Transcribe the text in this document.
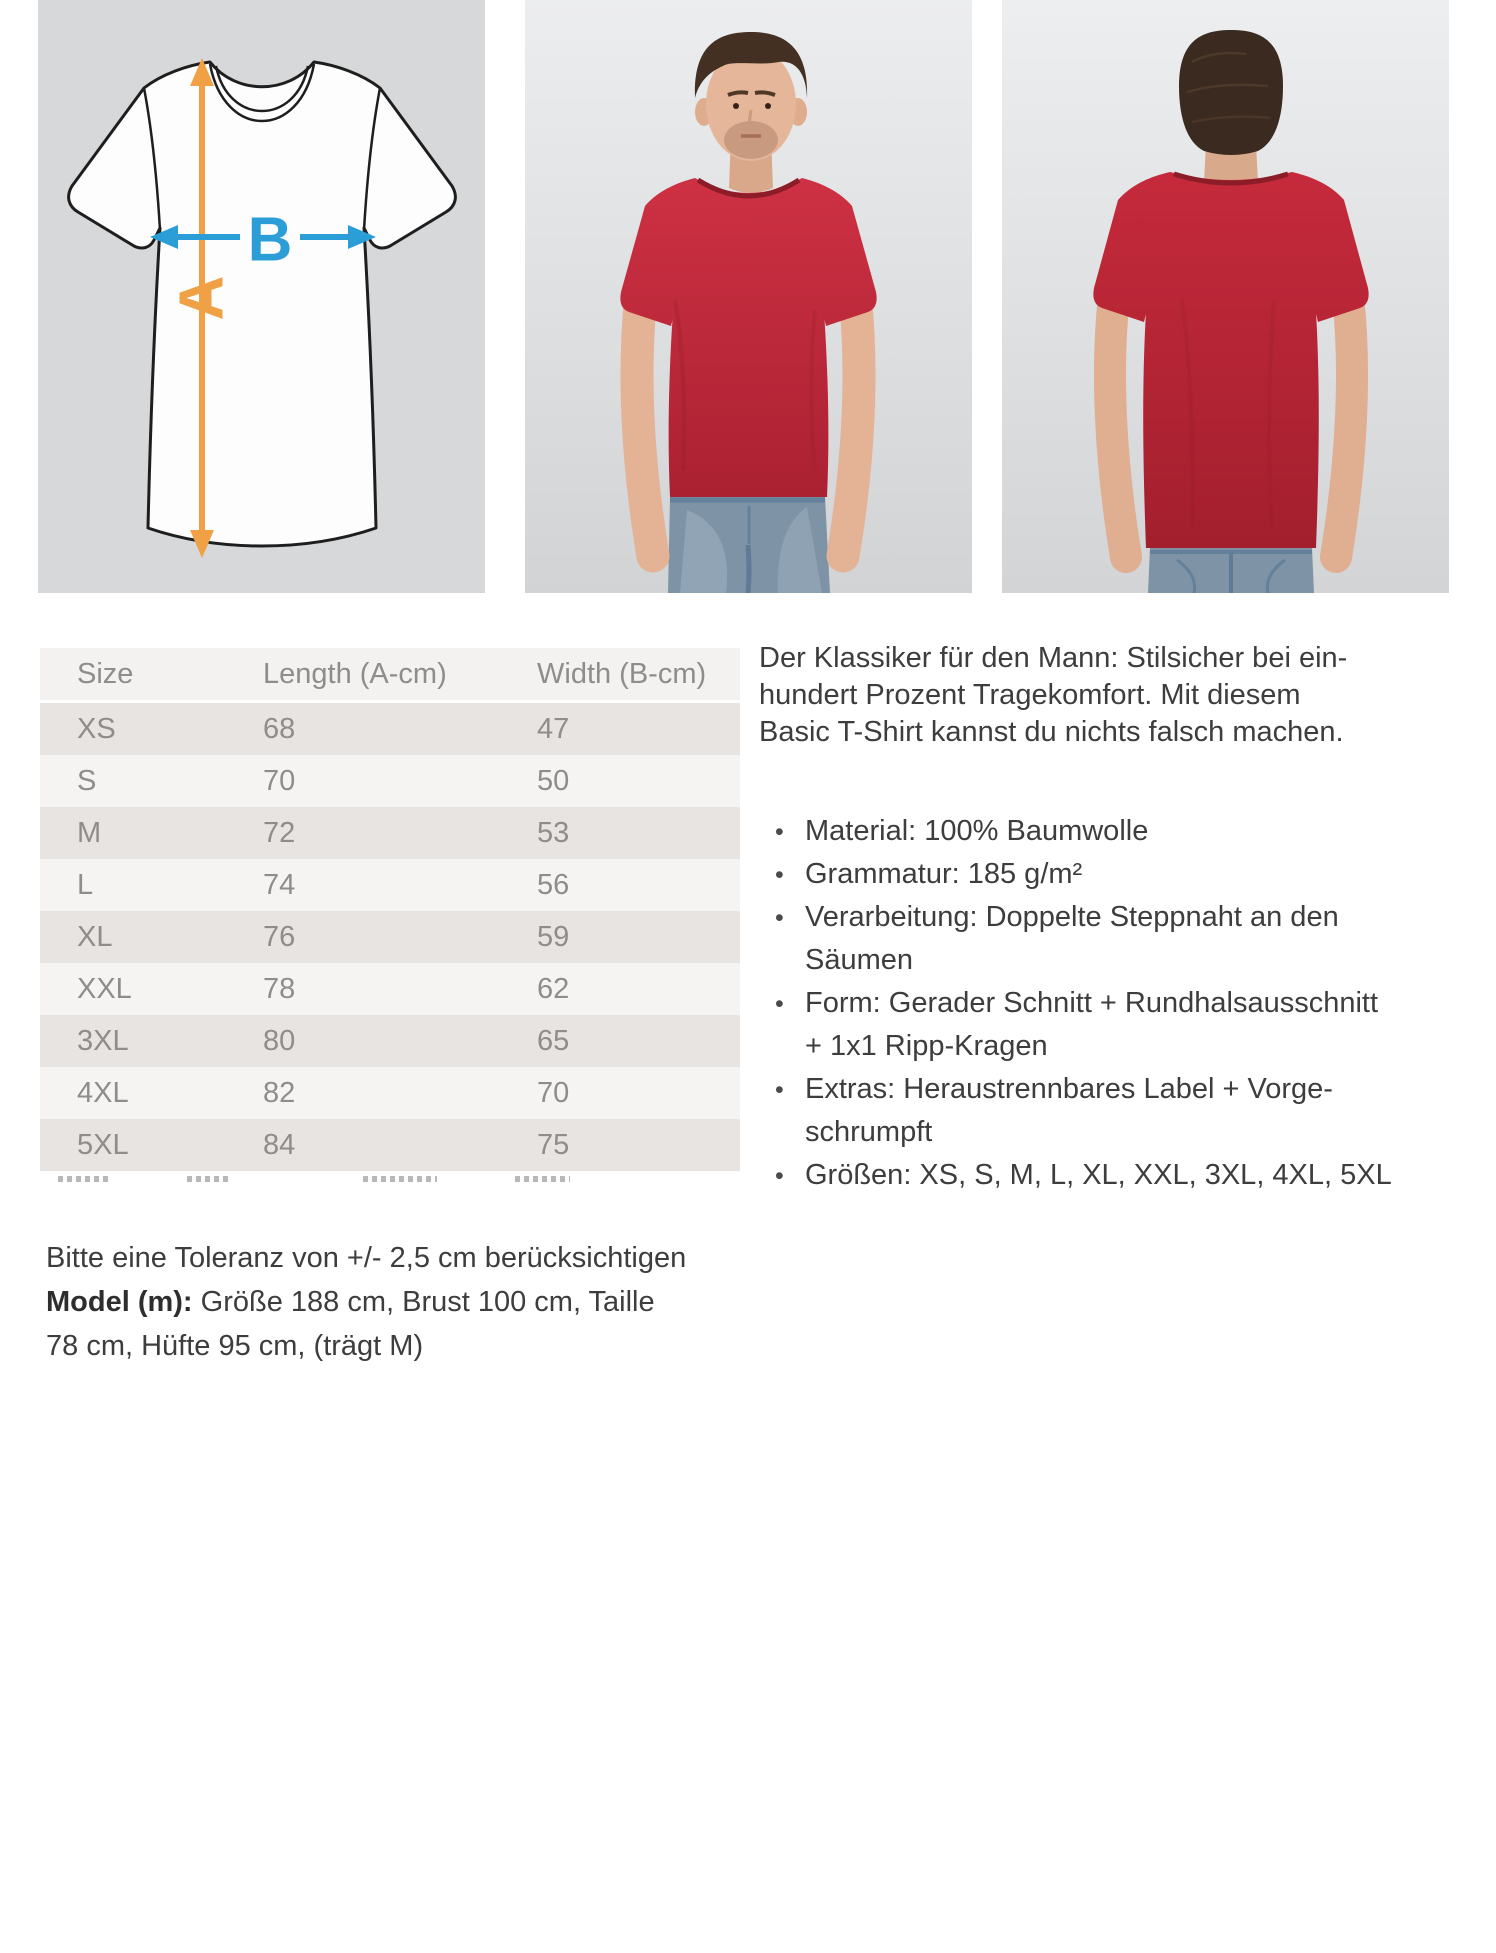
A
B
Size	Length (A-cm)	Width (B-cm)
XS	68	47
S	70	50
M	72	53
L	74	56
XL	76	59
XXL	78	62
3XL	80	65
4XL	82	70
5XL	84	75

Bitte eine Toleranz von +/- 2,5 cm berücksichtigen

Model (m): Größe 188 cm, Brust 100 cm, Taille
78 cm, Hüfte 95 cm, (trägt M)

Der Klassiker für den Mann: Stilsicher bei ein-
hundert Prozent Tragekomfort. Mit diesem
Basic T-Shirt kannst du nichts falsch machen.

• Material: 100% Baumwolle
• Grammatur: 185 g/m²
• Verarbeitung: Doppelte Steppnaht an den
Säumen
• Form: Gerader Schnitt + Rundhalsausschnitt
+ 1x1 Ripp-Kragen
• Extras: Heraustrennbares Label + Vorge-
schrumpft
• Größen: XS, S, M, L, XL, XXL, 3XL, 4XL, 5XL
